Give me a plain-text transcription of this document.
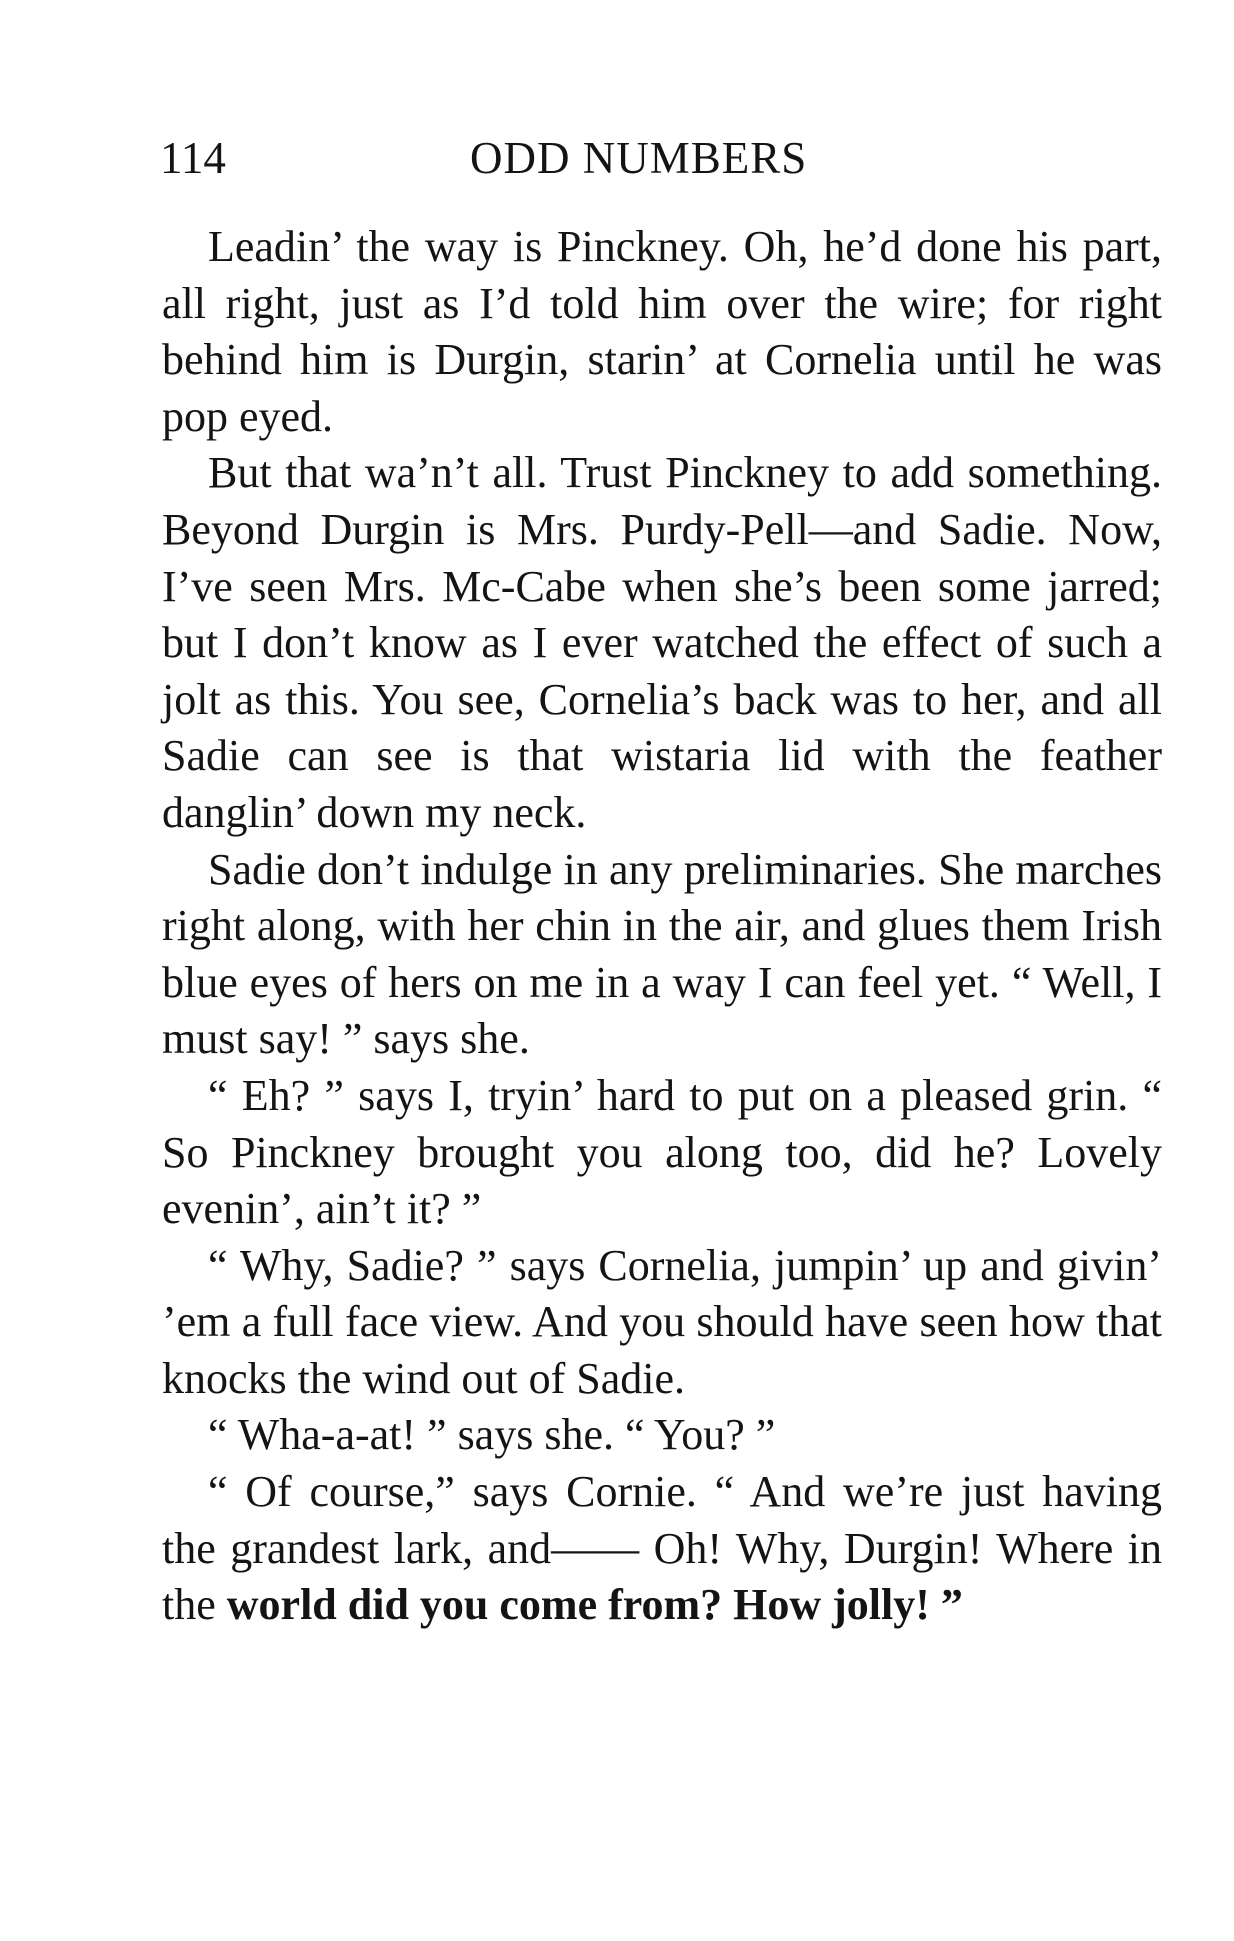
114	ODD NUMBERS

Leadin’ the way is Pinckney. Oh, he’d done his part, all right, just as I’d told him over the wire; for right behind him is Durgin, starin’ at Cornelia until he was pop eyed.

But that wa’n’t all. Trust Pinckney to add something. Beyond Durgin is Mrs. Purdy-Pell—and Sadie. Now, I’ve seen Mrs. Mc-Cabe when she’s been some jarred; but I don’t know as I ever watched the effect of such a jolt as this. You see, Cornelia’s back was to her, and all Sadie can see is that wistaria lid with the feather danglin’ down my neck.

Sadie don’t indulge in any preliminaries. She marches right along, with her chin in the air, and glues them Irish blue eyes of hers on me in a way I can feel yet. “ Well, I must say! ” says she.

“ Eh? ” says I, tryin’ hard to put on a pleased grin. “ So Pinckney brought you along too, did he? Lovely evenin’, ain’t it? ”

“ Why, Sadie? ” says Cornelia, jumpin’ up and givin’ ’em a full face view. And you should have seen how that knocks the wind out of Sadie.

“ Wha-a-at! ” says she. “ You? ”

“ Of course,” says Cornie. “ And we’re just having the grandest lark, and—— Oh! Why, Durgin! Where in the world did you come from? How jolly! ”
